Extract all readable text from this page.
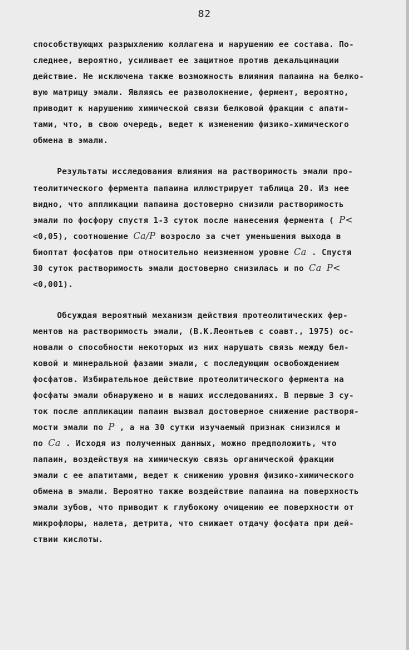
82
способствующих разрыхлению коллагена и нарушению ее состава. По-
следнее, вероятно, усиливает ее защитное против декальцинации
действие. Не исключена также возможность влияния папаина на белко-
вую матрицу эмали. Являясь ее разволокнение, фермент, вероятно,
приводит к нарушению химической связи белковой фракции с апати-
тами, что, в свою очередь, ведет к изменению физико-химического
обмена в эмали.
Результаты исследования влияния на растворимость эмали про-
теолитического фермента папаина иллюстрирует таблица 20. Из нее
видно, что аппликации папаина достоверно снизили растворимость
эмали по фосфору спустя 1-3 суток после нанесения фермента ( P<
<0,05), соотношение Ca/P возросло за счет уменьшения выхода в
биоптат фосфатов при относительно неизменном уровне Ca . Спустя
30 суток растворимость эмали достоверно снизилась и по Ca P<
<0,001).
Обсуждая вероятный механизм действия протеолитических фер-
ментов на растворимость эмали, (В.К.Леонтьев с соавт., 1975) ос-
новали о способности некоторых из них нарушать связь между бел-
ковой и минеральной фазами эмали, с последующим освобождением
фосфатов. Избирательное действие протеолитического фермента на
фосфаты эмали обнаружено и в наших исследованиях. В первые 3 су-
ток после аппликации папаин вызвал достоверное снижение растворя-
мости эмали по P , а на 30 сутки изучаемый признак снизился и
по Ca . Исходя из полученных данных, можно предположить, что
папаин, воздействуя на химическую связь органической фракции
эмали с ее апатитами, ведет к снижению уровня физико-химического
обмена в эмали. Вероятно также воздействие папаина на поверхность
эмали зубов, что приводит к глубокому очищению ее поверхности от
микрофлоры, налета, детрита, что снижает отдачу фосфата при дей-
ствии кислоты.
